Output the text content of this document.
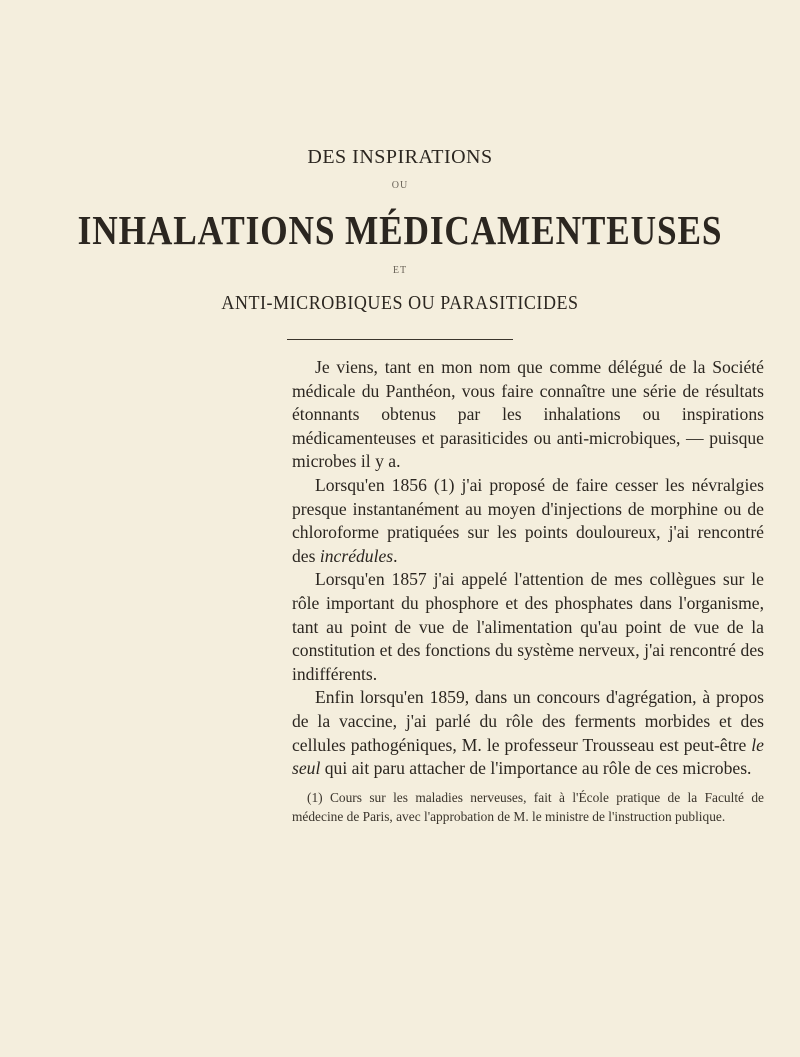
DES INSPIRATIONS
OU
INHALATIONS MÉDICAMENTEUSES
ET
ANTI-MICROBIQUES OU PARASITICIDES

Je viens, tant en mon nom que comme délégué de la Société médicale du Panthéon, vous faire connaître une série de résultats étonnants obtenus par les inhalations ou inspirations médicamenteuses et parasiticides ou anti-microbiques, — puisque microbes il y a.

Lorsqu'en 1856 (1) j'ai proposé de faire cesser les névralgies presque instantanément au moyen d'injections de morphine ou de chloroforme pratiquées sur les points douloureux, j'ai rencontré des incrédules.

Lorsqu'en 1857 j'ai appelé l'attention de mes collègues sur le rôle important du phosphore et des phosphates dans l'organisme, tant au point de vue de l'alimentation qu'au point de vue de la constitution et des fonctions du système nerveux, j'ai rencontré des indifférents.

Enfin lorsqu'en 1859, dans un concours d'agrégation, à propos de la vaccine, j'ai parlé du rôle des ferments morbides et des cellules pathogéniques, M. le professeur Trousseau est peut-être le seul qui ait paru attacher de l'importance au rôle de ces microbes.

(1) Cours sur les maladies nerveuses, fait à l'École pratique de la Faculté de médecine de Paris, avec l'approbation de M. le ministre de l'instruction publique.
